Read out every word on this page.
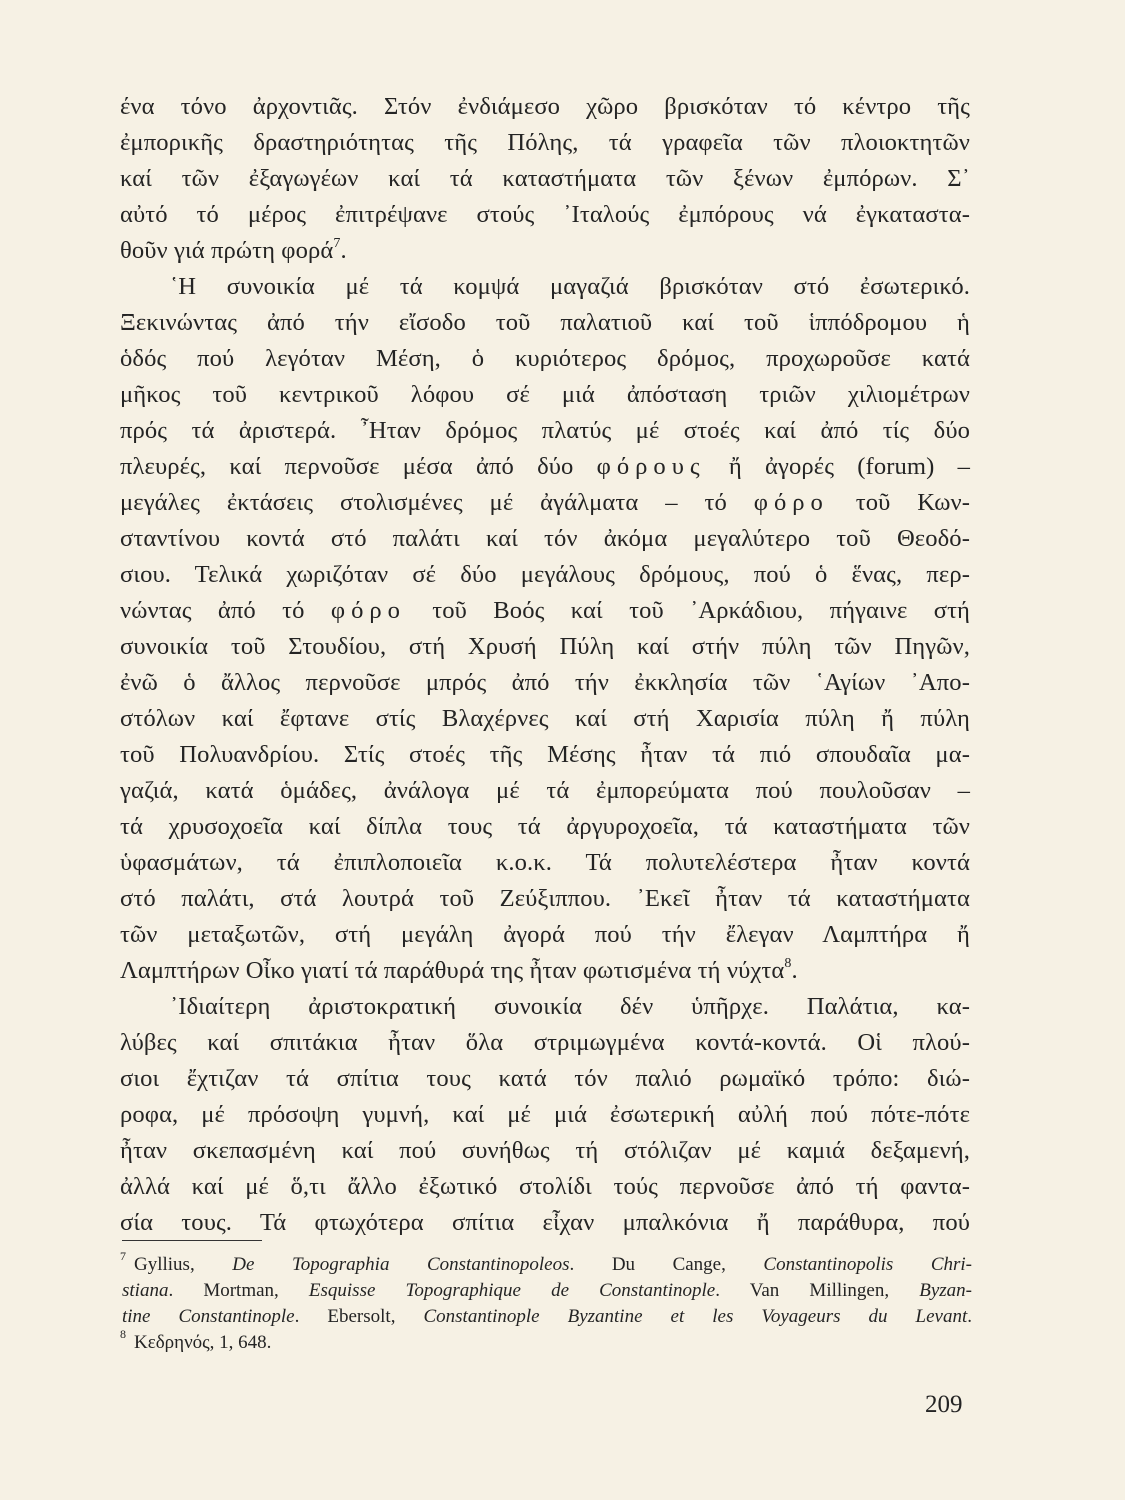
ένα τόνο ἀρχοντιᾶς. Στόν ἐνδιάμεσο χῶρο βρισκόταν τό κέντρο τῆς
ἐμπορικῆς δραστηριότητας τῆς Πόλης, τά γραφεῖα τῶν πλοιοκτητῶν
καί τῶν ἐξαγωγέων καί τά καταστήματα τῶν ξένων ἐμπόρων. Σ᾽
αὐτό τό μέρος ἐπιτρέψανε στούς ᾽Ιταλούς ἐμπόρους νά ἐγκαταστα-
θοῦν γιά πρώτη φορά$^7$.
῾Η συνοικία μέ τά κομψά μαγαζιά βρισκόταν στό ἐσωτερικό.
Ξεκινώντας ἀπό τήν εἴσοδο τοῦ παλατιοῦ καί τοῦ ἱππόδρομου ἡ
ὁδός πού λεγόταν Μέση, ὁ κυριότερος δρόμος, προχωροῦσε κατά
μῆκος τοῦ κεντρικοῦ λόφου σέ μιά ἀπόσταση τριῶν χιλιομέτρων
πρός τά ἀριστερά. ῏Ηταν δρόμος πλατύς μέ στοές καί ἀπό τίς δύο
πλευρές, καί περνοῦσε μέσα ἀπό δύο φόρους ἤ ἀγορές (forum) –
μεγάλες ἐκτάσεις στολισμένες μέ ἀγάλματα – τό φόρο τοῦ Κων-
σταντίνου κοντά στό παλάτι καί τόν ἀκόμα μεγαλύτερο τοῦ Θεοδό-
σιου. Τελικά χωριζόταν σέ δύο μεγάλους δρόμους, πού ὁ ἕνας, περ-
νώντας ἀπό τό φόρο τοῦ Βοός καί τοῦ ᾽Αρκάδιου, πήγαινε στή
συνοικία τοῦ Στουδίου, στή Χρυσή Πύλη καί στήν πύλη τῶν Πηγῶν,
ἐνῶ ὁ ἄλλος περνοῦσε μπρός ἀπό τήν ἐκκλησία τῶν ῾Αγίων ᾽Απο-
στόλων καί ἔφτανε στίς Βλαχέρνες καί στή Χαρισία πύλη ἤ πύλη
τοῦ Πολυανδρίου. Στίς στοές τῆς Μέσης ἦταν τά πιό σπουδαῖα μα-
γαζιά, κατά ὁμάδες, ἀνάλογα μέ τά ἐμπορεύματα πού πουλοῦσαν –
τά χρυσοχοεῖα καί δίπλα τους τά ἀργυροχοεῖα, τά καταστήματα τῶν
ὑφασμάτων, τά ἐπιπλοποιεῖα κ.ο.κ. Τά πολυτελέστερα ἦταν κοντά
στό παλάτι, στά λουτρά τοῦ Ζεύξιππου. ᾽Εκεῖ ἦταν τά καταστήματα
τῶν μεταξωτῶν, στή μεγάλη ἀγορά πού τήν ἔλεγαν Λαμπτήρα ἤ
Λαμπτήρων Οἶκο γιατί τά παράθυρά της ἦταν φωτισμένα τή νύχτα$^8$.
᾽Ιδιαίτερη ἀριστοκρατική συνοικία δέν ὑπῆρχε. Παλάτια, κα-
λύβες καί σπιτάκια ἦταν ὅλα στριμωγμένα κοντά-κοντά. Οἱ πλού-
σιοι ἔχτιζαν τά σπίτια τους κατά τόν παλιό ρωμαϊκό τρόπο: διώ-
ροφα, μέ πρόσοψη γυμνή, καί μέ μιά ἐσωτερική αὐλή πού πότε-πότε
ἦταν σκεπασμένη καί πού συνήθως τή στόλιζαν μέ καμιά δεξαμενή,
ἀλλά καί μέ ὅ,τι ἄλλο ἐξωτικό στολίδι τούς περνοῦσε ἀπό τή φαντα-
σία τους. Τά φτωχότερα σπίτια εἶχαν μπαλκόνια ἤ παράθυρα, πού
$^7$ Gyllius, De Topographia Constantinopoleos. Du Cange, Constantinopolis Chri-
stiana. Mortman, Esquisse Topographique de Constantinople. Van Millingen, Byzan-
tine Constantinople. Ebersolt, Constantinople Byzantine et les Voyageurs du Levant.
$^8$ Κεδρηνός, 1, 648.
209
